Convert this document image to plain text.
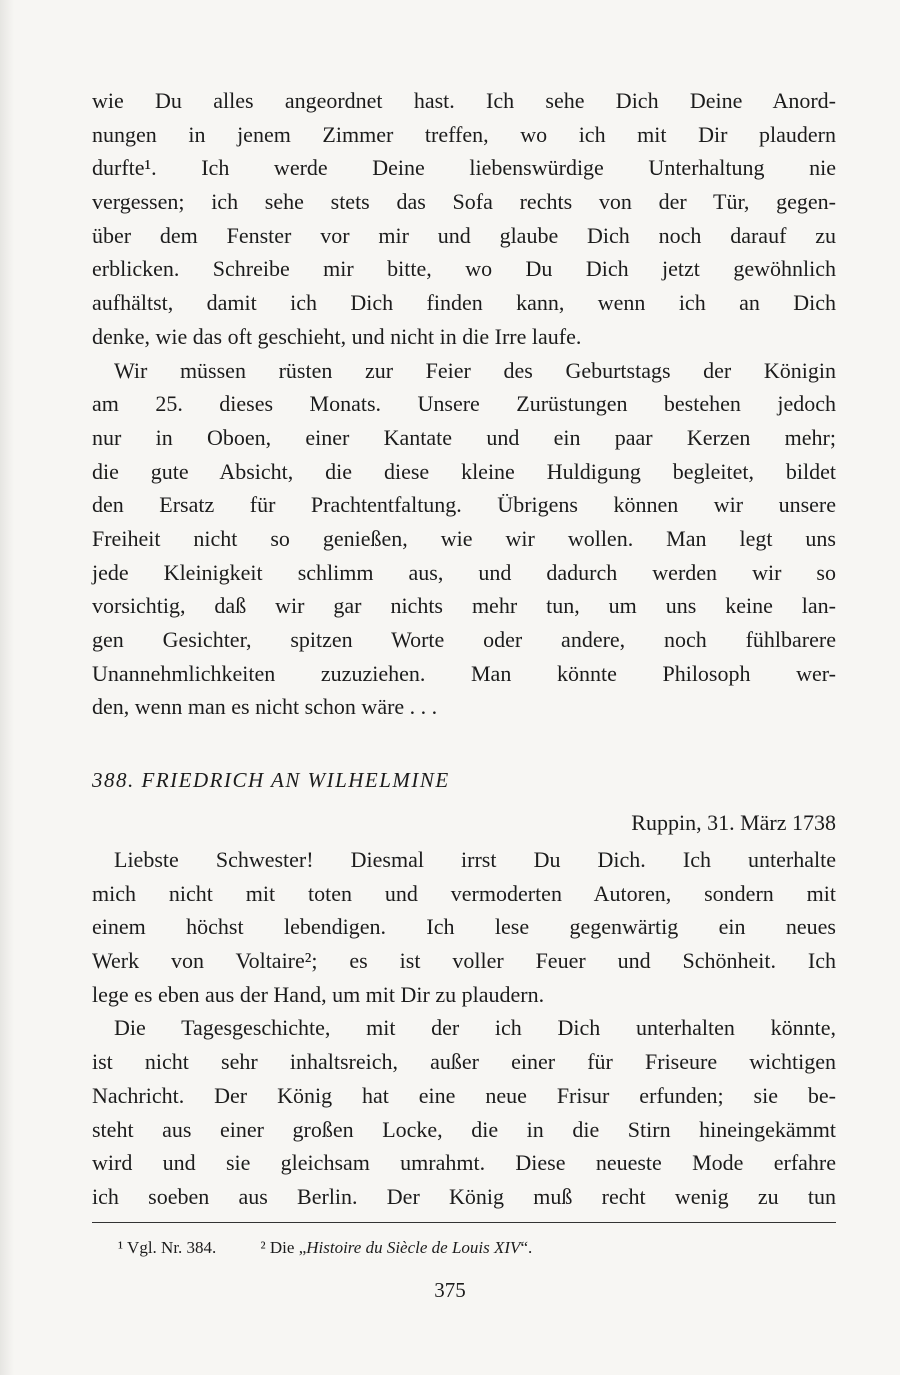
wie Du alles angeordnet hast. Ich sehe Dich Deine Anord-
nungen in jenem Zimmer treffen, wo ich mit Dir plaudern
durfte¹. Ich werde Deine liebenswürdige Unterhaltung nie
vergessen; ich sehe stets das Sofa rechts von der Tür, gegen-
über dem Fenster vor mir und glaube Dich noch darauf zu
erblicken. Schreibe mir bitte, wo Du Dich jetzt gewöhnlich
aufhältst, damit ich Dich finden kann, wenn ich an Dich
denke, wie das oft geschieht, und nicht in die Irre laufe.
Wir müssen rüsten zur Feier des Geburtstags der Königin
am 25. dieses Monats. Unsere Zurüstungen bestehen jedoch
nur in Oboen, einer Kantate und ein paar Kerzen mehr;
die gute Absicht, die diese kleine Huldigung begleitet, bildet
den Ersatz für Prachtentfaltung. Übrigens können wir unsere
Freiheit nicht so genießen, wie wir wollen. Man legt uns
jede Kleinigkeit schlimm aus, und dadurch werden wir so
vorsichtig, daß wir gar nichts mehr tun, um uns keine lan-
gen Gesichter, spitzen Worte oder andere, noch fühlbarere
Unannehmlichkeiten zuzuziehen. Man könnte Philosoph wer-
den, wenn man es nicht schon wäre . . .
388. FRIEDRICH AN WILHELMINE
Ruppin, 31. März 1738
Liebste Schwester! Diesmal irrst Du Dich. Ich unterhalte
mich nicht mit toten und vermoderten Autoren, sondern mit
einem höchst lebendigen. Ich lese gegenwärtig ein neues
Werk von Voltaire²; es ist voller Feuer und Schönheit. Ich
lege es eben aus der Hand, um mit Dir zu plaudern.
Die Tagesgeschichte, mit der ich Dich unterhalten könnte,
ist nicht sehr inhaltsreich, außer einer für Friseure wichtigen
Nachricht. Der König hat eine neue Frisur erfunden; sie be-
steht aus einer großen Locke, die in die Stirn hineingekämmt
wird und sie gleichsam umrahmt. Diese neueste Mode erfahre
ich soeben aus Berlin. Der König muß recht wenig zu tun
¹ Vgl. Nr. 384.	² Die „Histoire du Siècle de Louis XIV“.
375
